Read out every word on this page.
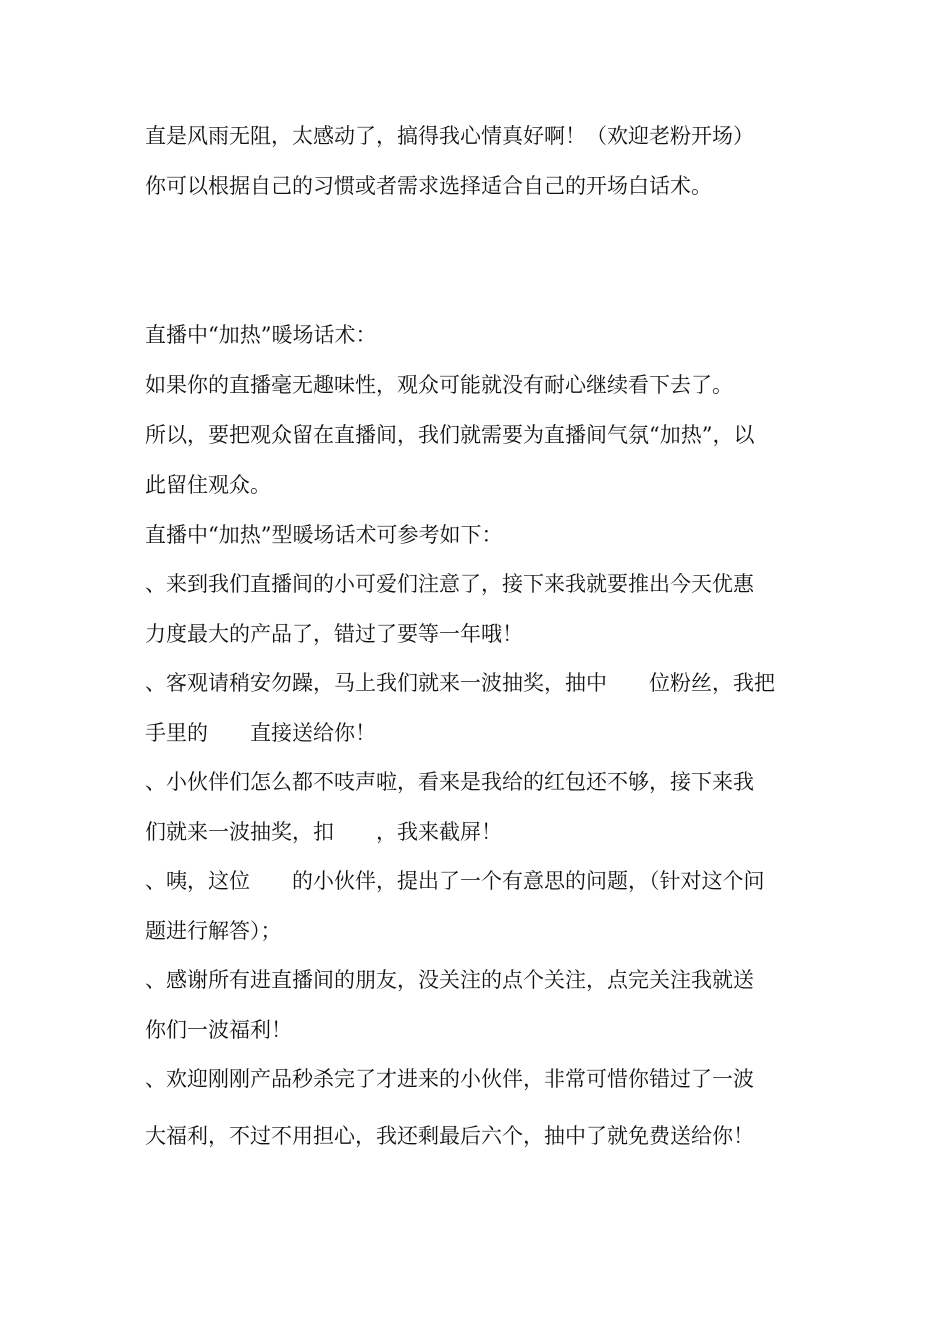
直是风雨无阻，太感动了，搞得我心情真好啊！（欢迎老粉开场）
你可以根据自己的习惯或者需求选择适合自己的开场白话术。
直播中“加热”暖场话术：
如果你的直播毫无趣味性，观众可能就没有耐心继续看下去了。
所以，要把观众留在直播间，我们就需要为直播间气氛“加热”，以
此留住观众。
直播中“加热”型暖场话术可参考如下：
、来到我们直播间的小可爱们注意了，接下来我就要推出今天优惠
力度最大的产品了，错过了要等一年哦！
、客观请稍安勿躁，马上我们就来一波抽奖，抽中　　位粉丝，我把
手里的　　直接送给你！
、小伙伴们怎么都不吱声啦，看来是我给的红包还不够，接下来我
们就来一波抽奖，扣　　，我来截屏！
、咦，这位　　的小伙伴，提出了一个有意思的问题，（针对这个问
题进行解答）；
、感谢所有进直播间的朋友，没关注的点个关注，点完关注我就送
你们一波福利！
、欢迎刚刚产品秒杀完了才进来的小伙伴，非常可惜你错过了一波
大福利，不过不用担心，我还剩最后六个，抽中了就免费送给你！
